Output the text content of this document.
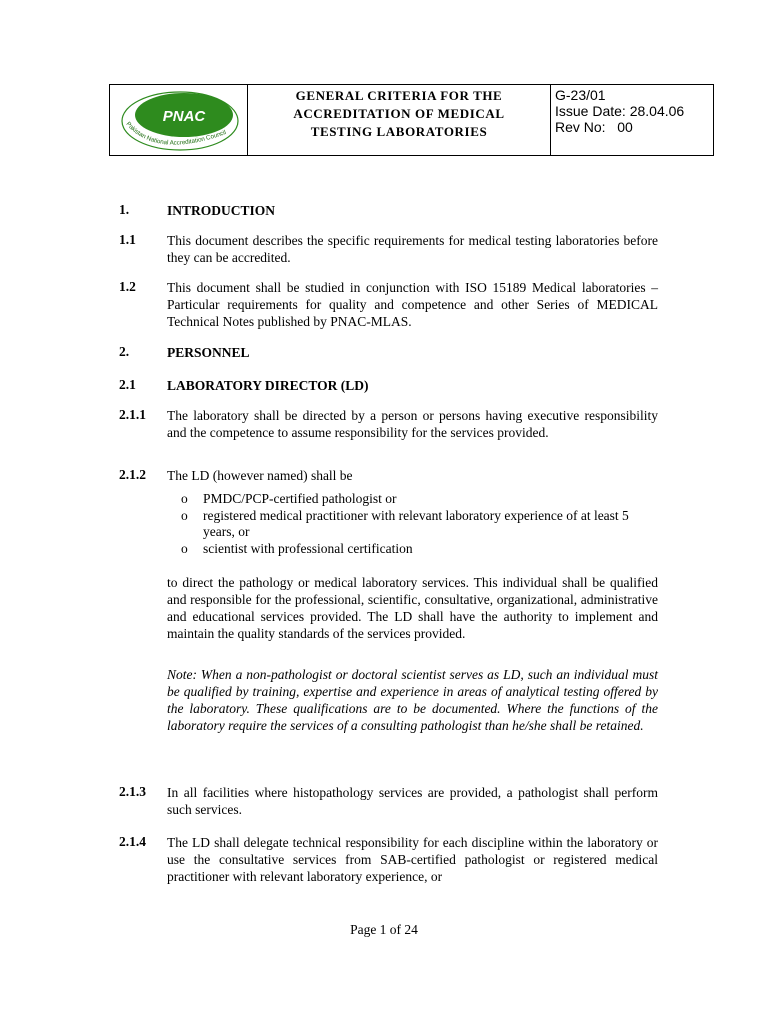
PNAC
Pakistan National Accreditation Council
GENERAL CRITERIA FOR THE
ACCREDITATION OF MEDICAL
TESTING LABORATORIES
G-23/01
Issue Date: 28.04.06
Rev No:   00
1.	INTRODUCTION
1.1 This document describes the specific requirements for medical testing laboratories before they can be accredited.
1.2 This document shall be studied in conjunction with ISO 15189 Medical laboratories – Particular requirements for quality and competence and other Series of MEDICAL Technical Notes published by PNAC-MLAS.
2.	PERSONNEL
2.1 LABORATORY DIRECTOR (LD)
2.1.1 The laboratory shall be directed by a person or persons having executive responsibility and the competence to assume responsibility for the services provided.
2.1.2 The LD (however named) shall be
o PMDC/PCP-certified pathologist or
o registered medical practitioner with relevant laboratory experience of at least 5 years, or
o scientist with professional certification
to direct the pathology or medical laboratory services. This individual shall be qualified and responsible for the professional, scientific, consultative, organizational, administrative and educational services provided. The LD shall have the authority to implement and maintain the quality standards of the services provided.
Note: When a non-pathologist or doctoral scientist serves as LD, such an individual must be qualified by training, expertise and experience in areas of analytical testing offered by the laboratory. These qualifications are to be documented. Where the functions of the laboratory require the services of a consulting pathologist than he/she shall be retained.
2.1.3 In all facilities where histopathology services are provided, a pathologist shall perform such services.
2.1.4 The LD shall delegate technical responsibility for each discipline within the laboratory or use the consultative services from SAB-certified pathologist or registered medical practitioner with relevant laboratory experience, or
Page 1 of 24
